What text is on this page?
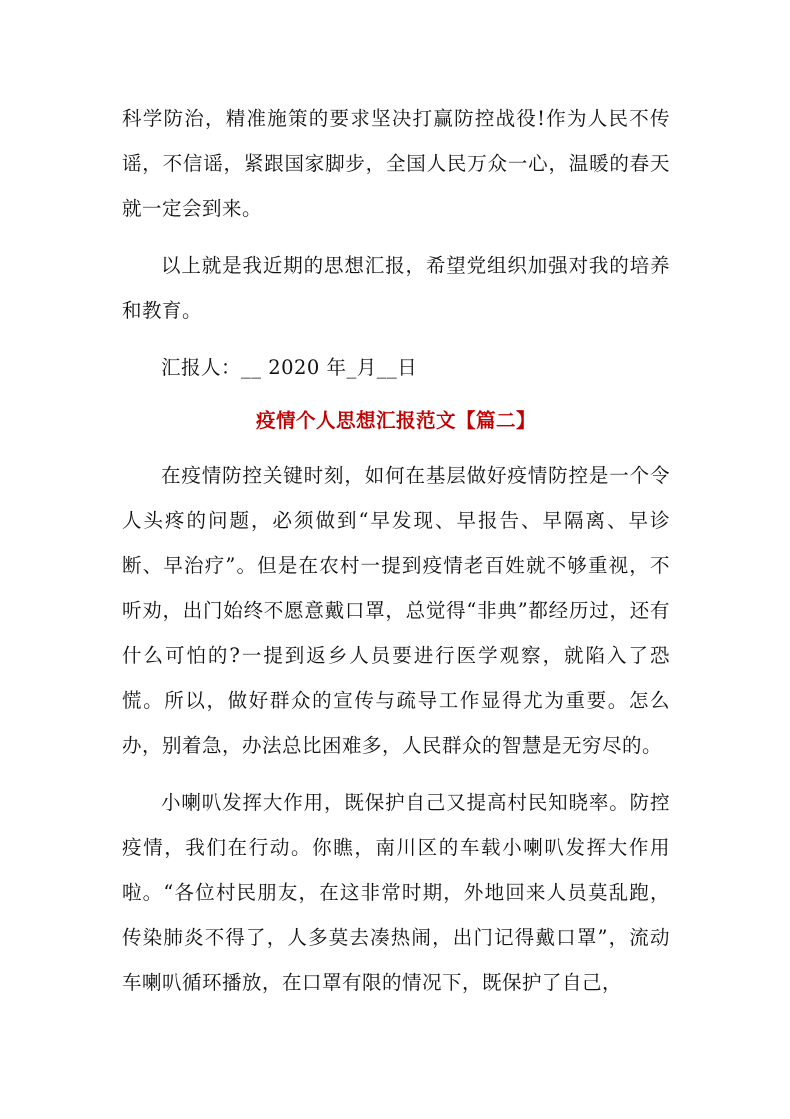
科学防治，精准施策的要求坚决打赢防控战役!作为人民不传谣，不信谣，紧跟国家脚步，全国人民万众一心，温暖的春天就一定会到来。

以上就是我近期的思想汇报，希望党组织加强对我的培养和教育。

汇报人：__ 2020 年_月__日

疫情个人思想汇报范文【篇二】

在疫情防控关键时刻，如何在基层做好疫情防控是一个令人头疼的问题，必须做到“早发现、早报告、早隔离、早诊断、早治疗”。但是在农村一提到疫情老百姓就不够重视，不听劝，出门始终不愿意戴口罩，总觉得“非典”都经历过，还有什么可怕的?一提到返乡人员要进行医学观察，就陷入了恐慌。所以，做好群众的宣传与疏导工作显得尤为重要。怎么办，别着急，办法总比困难多，人民群众的智慧是无穷尽的。

小喇叭发挥大作用，既保护自己又提高村民知晓率。防控疫情，我们在行动。你瞧，南川区的车载小喇叭发挥大作用啦。“各位村民朋友，在这非常时期，外地回来人员莫乱跑，传染肺炎不得了，人多莫去凑热闹，出门记得戴口罩”，流动车喇叭循环播放，在口罩有限的情况下，既保护了自己，
